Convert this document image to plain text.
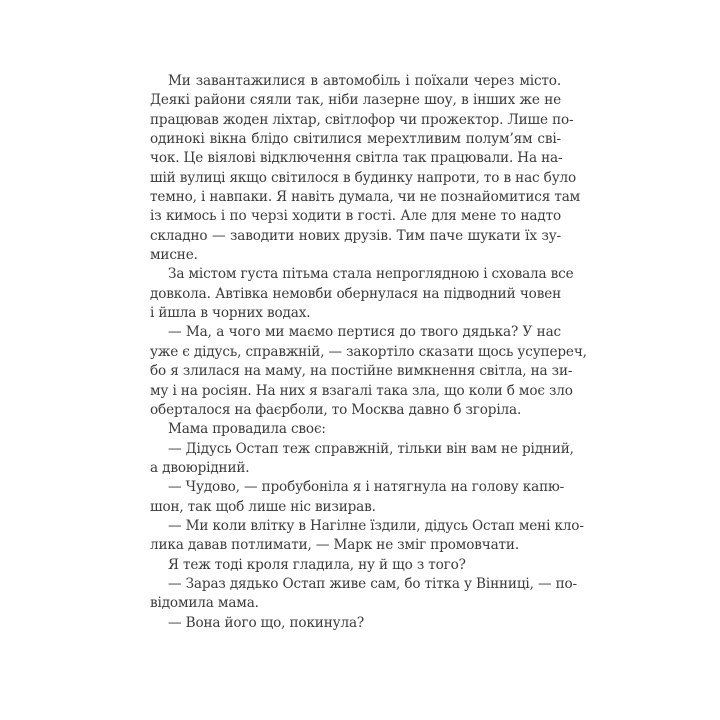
Ми завантажилися в автомобіль і поїхали через місто.
Деякі райони сяяли так, ніби лазерне шоу, в інших же не
працював жоден ліхтар, світлофор чи прожектор. Лише по-
одинокі вікна блідо світилися мерехтливим полум’ям сві-
чок. Це віялові відключення світла так працювали. На на-
шій вулиці якщо світилося в будинку напроти, то в нас було
темно, і навпаки. Я навіть думала, чи не познайомитися там
із кимось і по черзі ходити в гості. Але для мене то надто
складно — заводити нових друзів. Тим паче шукати їх зу-
мисне.
За містом густа пітьма стала непроглядною і сховала все
довкола. Автівка немовби обернулася на підводний човен
і йшла в чорних водах.
— Ма, а чого ми маємо пертися до твого дядька? У нас
уже є дідусь, справжній, — закортіло сказати щось усупереч,
бо я злилася на маму, на постійне вимкнення світла, на зи-
му і на росіян. На них я взагалі така зла, що коли б моє зло
оберталося на фаєрболи, то Москва давно б згоріла.
Мама провадила своє:
— Дідусь Остап теж справжній, тільки він вам не рідний,
а двоюрідний.
— Чудово, — пробубоніла я і натягнула на голову капю-
шон, так щоб лише ніс визирав.
— Ми коли влітку в Нагілне їздили, дідусь Остап мені кло-
лика давав потлимати, — Марк не зміг промовчати.
Я теж тоді кроля гладила, ну й що з того?
— Зараз дядько Остап живе сам, бо тітка у Вінниці, — по-
відомила мама.
— Вона його що, покинула?
